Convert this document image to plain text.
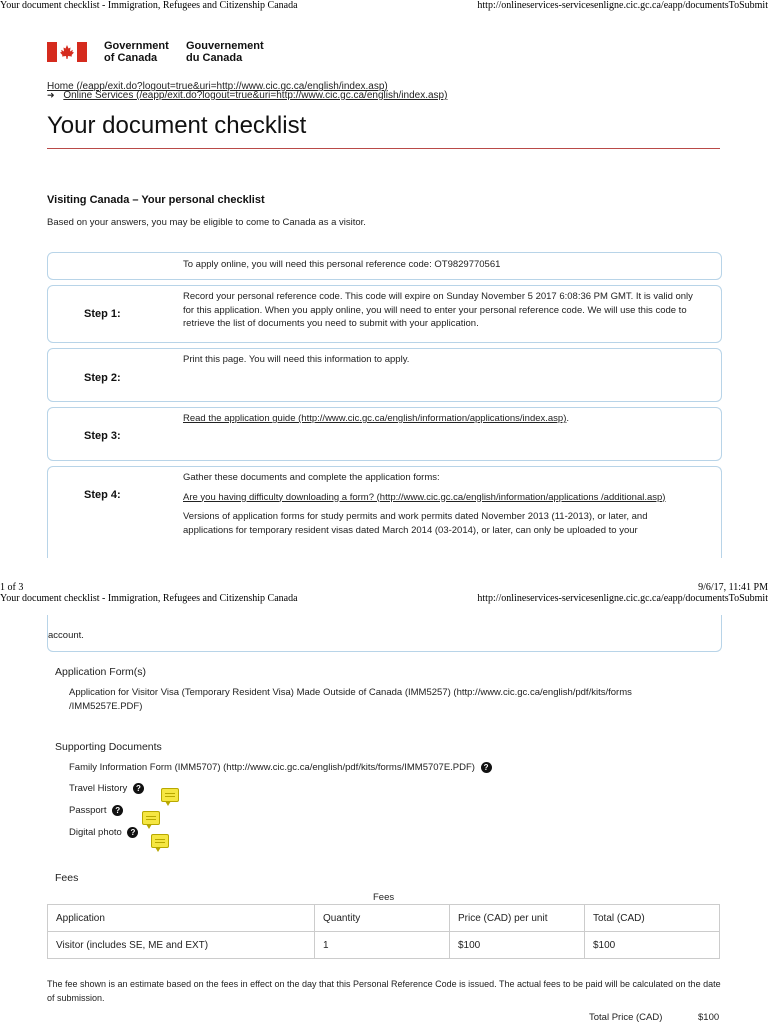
Your document checklist - Immigration, Refugees and Citizenship Canada	http://onlineservices-servicesenligne.cic.gc.ca/eapp/documentsToSubmit
Government
of Canada
Gouvernement
du Canada
Home (/eapp/exit.do?logout=true&uri=http://www.cic.gc.ca/english/index.asp)
➜ Online Services (/eapp/exit.do?logout=true&uri=http://www.cic.gc.ca/english/index.asp)
Your document checklist
Visiting Canada – Your personal checklist
Based on your answers, you may be eligible to come to Canada as a visitor.
To apply online, you will need this personal reference code: OT9829770561
Step 1:
Record your personal reference code. This code will expire on Sunday November 5 2017 6:08:36 PM GMT. It is valid only for this application. When you apply online, you will need to enter your personal reference code. We will use this code to retrieve the list of documents you need to submit with your application.
Step 2:
Print this page. You will need this information to apply.
Step 3:
Read the application guide (http://www.cic.gc.ca/english/information/applications/index.asp).
Step 4:

Gather these documents and complete the application forms:

Are you having difficulty downloading a form? (http://www.cic.gc.ca/english/information/applications /additional.asp)

Versions of application forms for study permits and work permits dated November 2013 (11-2013), or later, and applications for temporary resident visas dated March 2014 (03-2014), or later, can only be uploaded to your

1 of 3	9/6/17, 11:41 PM
Your document checklist - Immigration, Refugees and Citizenship Canada	http://onlineservices-servicesenligne.cic.gc.ca/eapp/documentsToSubmit
account.
Application Form(s)
Application for Visitor Visa (Temporary Resident Visa) Made Outside of Canada (IMM5257) (http://www.cic.gc.ca/english/pdf/kits/forms /IMM5257E.PDF)
Supporting Documents
Family Information Form (IMM5707) (http://www.cic.gc.ca/english/pdf/kits/forms/IMM5707E.PDF) ?
Travel History ?
Passport ?
Digital photo ?
Fees
Fees
Application	Quantity	Price (CAD) per unit	Total (CAD)
Visitor (includes SE, ME and EXT)	1	$100	$100
The fee shown is an estimate based on the fees in effect on the day that this Personal Reference Code is issued. The actual fees to be paid will be calculated on the date of submission.
Total Price (CAD)	$100
